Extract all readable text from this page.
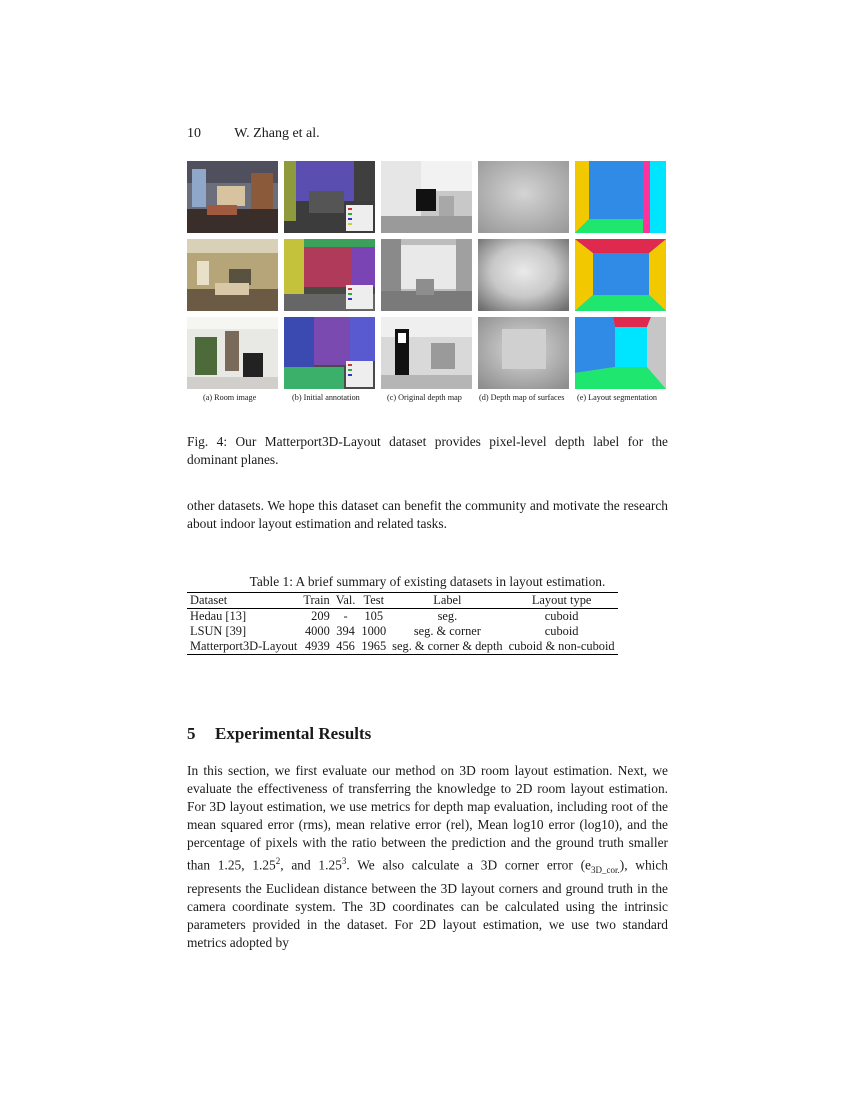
10 W. Zhang et al.
(a) Room image	(b) Initial annotation	(c) Original depth map (d) Depth map of surfaces (e) Layout segmentation
Fig. 4: Our Matterport3D-Layout dataset provides pixel-level depth label for the dominant planes.
other datasets. We hope this dataset can benefit the community and motivate the research about indoor layout estimation and related tasks.
Table 1: A brief summary of existing datasets in layout estimation.
Dataset	Train	Val.	Test	Label	Layout type
Hedau [13]	209	-	105	seg.	cuboid
LSUN [39]	4000	394	1000	seg. & corner	cuboid
Matterport3D-Layout	4939	456	1965	seg. & corner & depth	cuboid & non-cuboid
5 Experimental Results
In this section, we first evaluate our method on 3D room layout estimation. Next, we evaluate the effectiveness of transferring the knowledge to 2D room layout estimation. For 3D layout estimation, we use metrics for depth map evaluation, including root of the mean squared error (rms), mean relative error (rel), Mean log10 error (log10), and the percentage of pixels with the ratio between the prediction and the ground truth smaller than 1.25, 1.25$^2$, and 1.25$^3$. We also calculate a 3D corner error $(e_{3D\_cor.})$, which represents the Euclidean distance between the 3D layout corners and ground truth in the camera coordinate system. The 3D coordinates can be calculated using the intrinsic parameters provided in the dataset. For 2D layout estimation, we use two standard metrics adopted by
